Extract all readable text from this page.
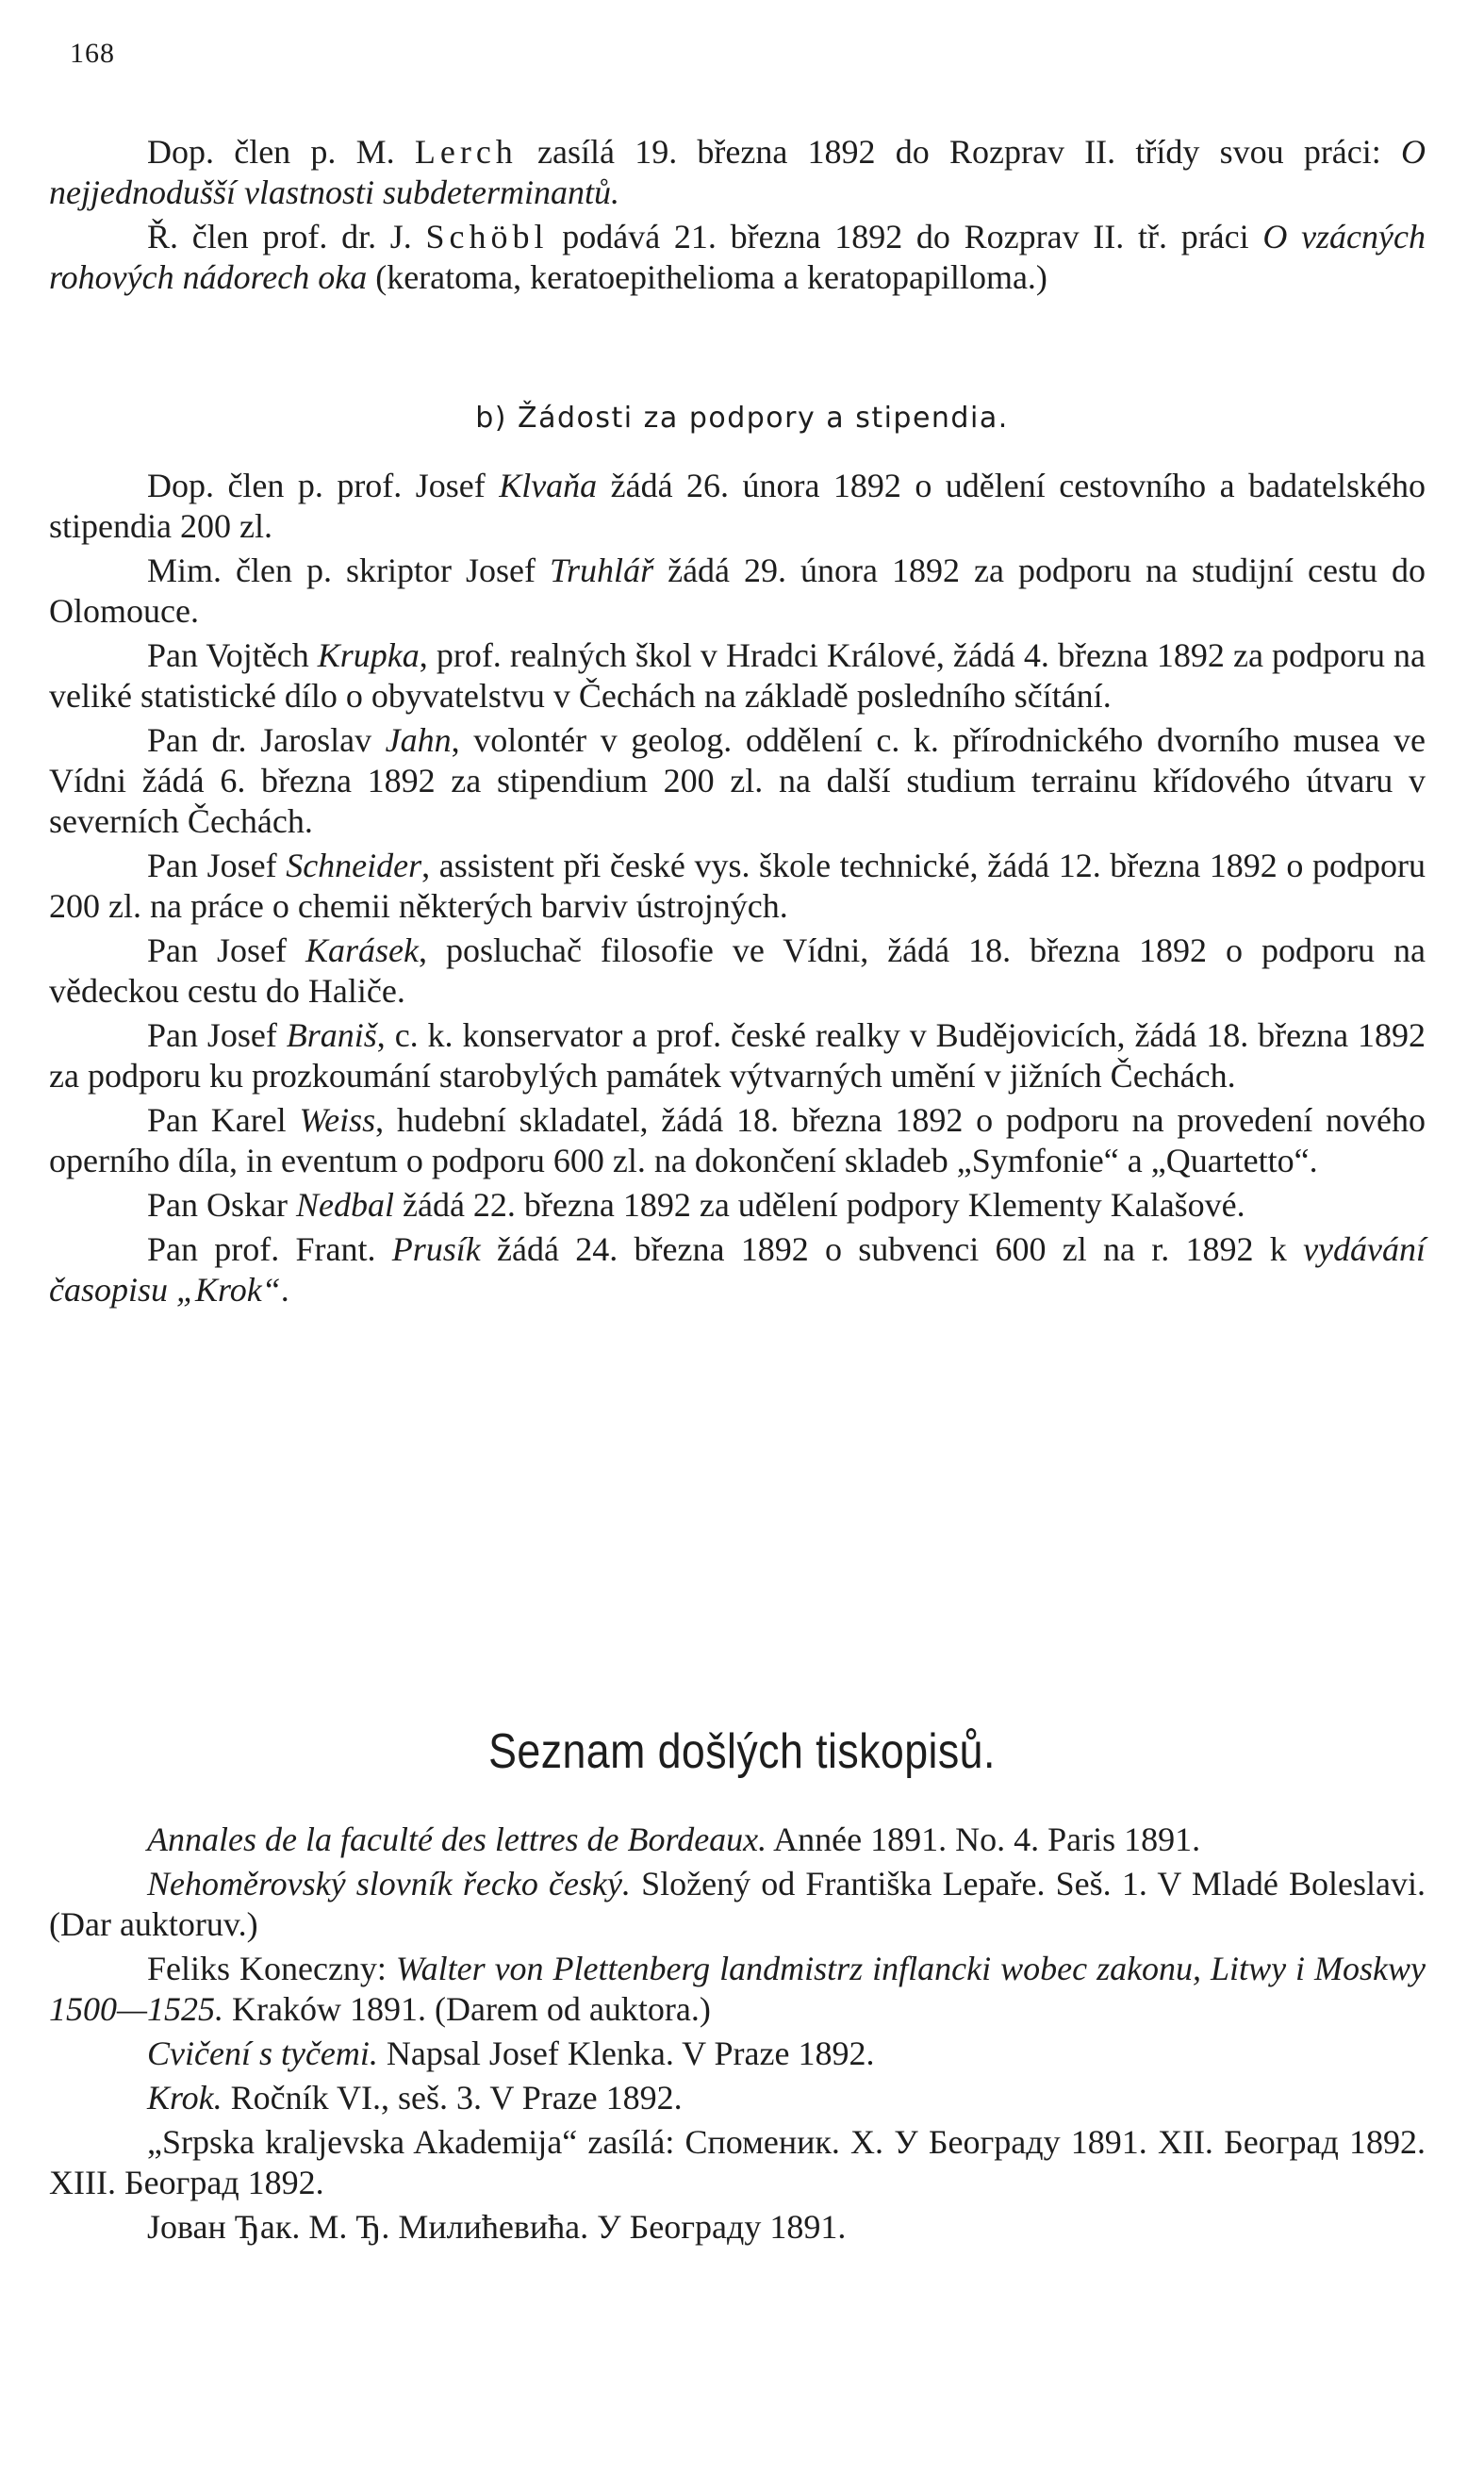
168

Dop. člen p. M. Lerch zasílá 19. března 1892 do Rozprav II. třídy svou práci: O nejjednodušší vlastnosti subdeterminantů.

Ř. člen prof. dr. J. Schöbl podává 21. března 1892 do Rozprav II. tř. práci O vzácných rohových nádorech oka (keratoma, keratoepithelioma a keratopapilloma.)

b) Žádosti za podpory a stipendia.

Dop. člen p. prof. Josef Klvaňa žádá 26. února 1892 o udělení cestovního a badatelského stipendia 200 zl.

Mim. člen p. skriptor Josef Truhlář žádá 29. února 1892 za podporu na studijní cestu do Olomouce.

Pan Vojtěch Krupka, prof. realných škol v Hradci Králové, žádá 4. března 1892 za podporu na veliké statistické dílo o obyvatelstvu v Čechách na základě posledního sčítání.

Pan dr. Jaroslav Jahn, volontér v geolog. oddělení c. k. přírodnického dvorního musea ve Vídni žádá 6. března 1892 za stipendium 200 zl. na další studium terrainu křídového útvaru v severních Čechách.

Pan Josef Schneider, assistent při české vys. škole technické, žádá 12. března 1892 o podporu 200 zl. na práce o chemii některých barviv ústrojných.

Pan Josef Karásek, posluchač filosofie ve Vídni, žádá 18. března 1892 o podporu na vědeckou cestu do Haliče.

Pan Josef Braniš, c. k. konservator a prof. české realky v Budějovicích, žádá 18. března 1892 za podporu ku prozkoumání starobylých památek výtvarných umění v jižních Čechách.

Pan Karel Weiss, hudební skladatel, žádá 18. března 1892 o podporu na provedení nového operního díla, in eventum o podporu 600 zl. na dokončení skladeb „Symfonie“ a „Quartetto“.

Pan Oskar Nedbal žádá 22. března 1892 za udělení podpory Klementy Kalašové.

Pan prof. Frant. Prusík žádá 24. března 1892 o subvenci 600 zl na r. 1892 k vydávání časopisu „Krok“.

Seznam došlých tiskopisů.

Annales de la faculté des lettres de Bordeaux. Année 1891. No. 4. Paris 1891.

Nehoměrovský slovník řecko český. Složený od Františka Lepaře. Seš. 1. V Mladé Boleslavi. (Dar auktoruv.)

Feliks Koneczny: Walter von Plettenberg landmistrz inflancki wobec zakonu, Litwy i Moskwy 1500—1525. Kraków 1891. (Darem od auktora.)

Cvičení s tyčemi. Napsal Josef Klenka. V Praze 1892.

Krok. Ročník VI., seš. 3. V Praze 1892.

„Srpska kraljevska Akademija“ zasílá: Споменик. X. У Београду 1891. XII. Београд 1892. XIII. Београд 1892.

Јован Ђак. М. Ђ. Милићевића. У Београду 1891.
